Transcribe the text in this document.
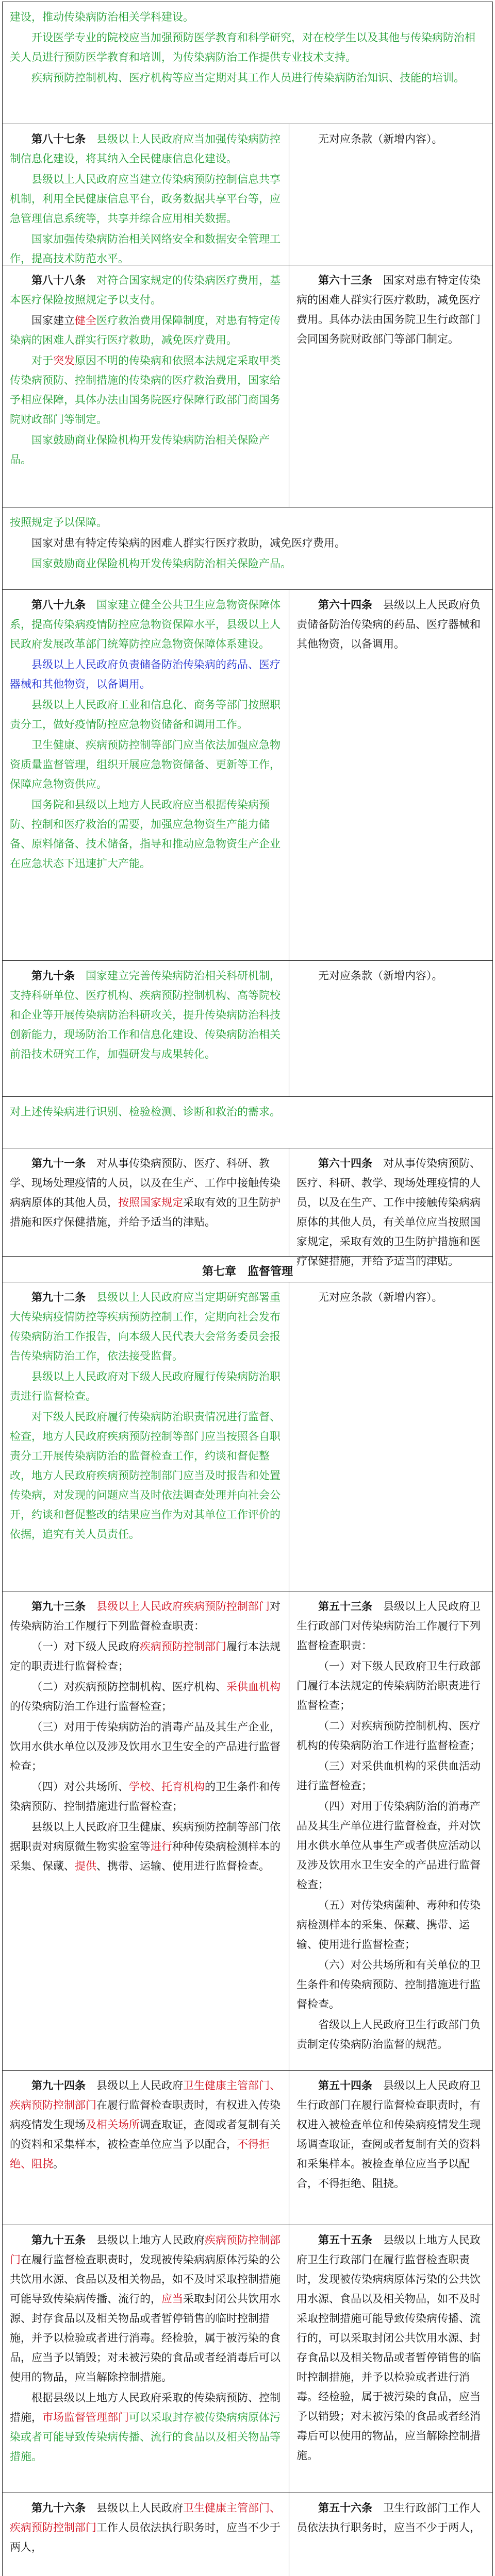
建设，推动传染病防治相关学科建设。

开设医学专业的院校应当加强预防医学教育和科学研究，对在校学生以及其他与传染病防治相关人员进行预防医学教育和培训，为传染病防治工作提供专业技术支持。

疾病预防控制机构、医疗机构等应当定期对其工作人员进行传染病防治知识、技能的培训。

第八十七条　县级以上人民政府应当加强传染病防控制信息化建设，将其纳入全民健康信息化建设。

县级以上人民政府应当建立传染病预防控制信息共享机制，利用全民健康信息平台，政务数据共享平台等，应急管理信息系统等，共享并综合应用相关数据。

国家加强传染病防治相关网络安全和数据安全管理工作，提高技术防范水平。

无对应条款（新增内容）。

第八十八条　 对符合国家规定的传染病医疗费用，基本医疗保险按照规定予以支付。

国家建立健全医疗救治费用保障制度，对患有特定传染病的困难人群实行医疗救助，减免医疗费用。

对于突发原因不明的传染病和依照本法规定采取甲类传染病预防、控制措施的传染病的医疗救治费用，国家给予相应保障，具体办法由国务院医疗保障行政部门商国务院财政部门等制定。

国家鼓励商业保险机构开发传染病防治相关保险产品。

第六十三条　国家对患有特定传染病的困难人群实行医疗救助，减免医疗费用。具体办法由国务院卫生行政部门会同国务院财政部门等部门制定。

按照规定予以保障。

国家对患有特定传染病的困难人群实行医疗救助，减免医疗费用。

国家鼓励商业保险机构开发传染病防治相关保险产品。

第八十九条　国家建立健全公共卫生应急物资保障体系，提高传染病疫情防控应急物资保障水平，县级以上人民政府发展改革部门统筹防控应急物资保障体系建设。

县级以上人民政府负责储备防治传染病的药品、医疗器械和其他物资，以备调用。

县级以上人民政府工业和信息化、商务等部门按照职责分工，做好疫情防控应急物资储备和调用工作。

卫生健康、疾病预防控制等部门应当依法加强应急物资质量监督管理，组织开展应急物资储备、更新等工作，保障应急物资供应。

国务院和县级以上地方人民政府应当根据传染病预防、控制和医疗救治的需要，加强应急物资生产能力储备、原料储备、技术储备，指导和推动应急物资生产企业在应急状态下迅速扩大产能。

第六十四条　县级以上人民政府负责储备防治传染病的药品、医疗器械和其他物资，以备调用。

第九十条　国家建立完善传染病防治相关科研机制，支持科研单位、医疗机构、疾病预防控制机构、高等院校和企业等开展传染病防治科研攻关，提升传染病防治科技创新能力，现场防治工作和信息化建设、传染病防治相关前沿技术研究工作，加强研发与成果转化。

无对应条款（新增内容）。

对上述传染病进行识别、检验检测、诊断和救治的需求。

第九十一条　对从事传染病预防、医疗、科研、教学、现场处理疫情的人员，以及在生产、工作中接触传染病病原体的其他人员，按照国家规定采取有效的卫生防护措施和医疗保健措施，并给予适当的津贴。

第六十四条　对从事传染病预防、医疗、科研、教学、现场处理疫情的人员，以及在生产、工作中接触传染病病原体的其他人员，有关单位应当按照国家规定，采取有效的卫生防护措施和医疗保健措施，并给予适当的津贴。

第七章　监督管理

第九十二条　县级以上人民政府应当定期研究部署重大传染病疫情防控等疾病预防控制工作，定期向社会发布传染病防治工作报告，向本级人民代表大会常务委员会报告传染病防治工作，依法接受监督。

县级以上人民政府对下级人民政府履行传染病防治职责进行监督检查。

对下级人民政府履行传染病防治职责情况进行监督、检查，地方人民政府疾病预防控制等部门应当按照各自职责分工开展传染病防治的监督检查工作，约谈和督促整改，地方人民政府疾病预防控制部门应当及时报告和处置传染病，对发现的问题应当及时依法调查处理并向社会公开，约谈和督促整改的结果应当作为对其单位工作评价的依据，追究有关人员责任。

无对应条款（新增内容）。

第九十三条　 县级以上人民政府疾病预防控制部门对传染病防治工作履行下列监督检查职责：

（一）对下级人民政府疾病预防控制部门履行本法规定的职责进行监督检查；

（二）对疾病预防控制机构、医疗机构、采供血机构的传染病防治工作进行监督检查；

（三）对用于传染病防治的消毒产品及其生产企业，饮用水供水单位以及涉及饮用水卫生安全的产品进行监督检查；

（四）对公共场所、学校、托育机构的卫生条件和传染病预防、控制措施进行监督检查；

县级以上人民政府卫生健康、疾病预防控制等部门依据职责对病原微生物实验室等进行种种传染病检测样本的采集、保藏、提供、携带、运输、使用进行监督检查。

第五十三条　县级以上人民政府卫生行政部门对传染病防治工作履行下列监督检查职责：

（一）对下级人民政府卫生行政部门履行本法规定的传染病防治职责进行监督检查；

（二）对疾病预防控制机构、医疗机构的传染病防治工作进行监督检查；

（三）对采供血机构的采供血活动进行监督检查；

（四）对用于传染病防治的消毒产品及其生产单位进行监督检查，并对饮用水供水单位从事生产或者供应活动以及涉及饮用水卫生安全的产品进行监督检查；

（五）对传染病菌种、毒种和传染病检测样本的采集、保藏、携带、运输、使用进行监督检查；

（六）对公共场所和有关单位的卫生条件和传染病预防、控制措施进行监督检查。

省级以上人民政府卫生行政部门负责制定传染病防治监督的规范。

第九十四条　县级以上人民政府卫生健康主管部门、疾病预防控制部门在履行监督检查职责时，有权进入传染病疫情发生现场及相关场所调查取证，查阅或者复制有关的资料和采集样本，被检查单位应当予以配合，不得拒绝、阻挠。

第五十四条　县级以上人民政府卫生行政部门在履行监督检查职责时，有权进入被检查单位和传染病疫情发生现场调查取证，查阅或者复制有关的资料和采集样本。被检查单位应当予以配合，不得拒绝、阻挠。

第九十五条　县级以上地方人民政府疾病预防控制部门在履行监督检查职责时，发现被传染病病原体污染的公共饮用水源、食品以及相关物品，如不及时采取控制措施可能导致传染病传播、流行的，应当采取封闭公共饮用水源、封存食品以及相关物品或者暂停销售的临时控制措施，并予以检验或者进行消毒。经检验，属于被污染的食品，应当予以销毁；对未被污染的食品或者经消毒后可以使用的物品，应当解除控制措施。

根据县级以上地方人民政府采取的传染病预防、控制措施，市场监督管理部门可以采取封存被传染病病原体污染或者可能导致传染病传播、流行的食品以及相关物品等措施。

第五十五条　县级以上地方人民政府卫生行政部门在履行监督检查职责时，发现被传染病病原体污染的公共饮用水源、食品以及相关物品，如不及时采取控制措施可能导致传染病传播、流行的，可以采取封闭公共饮用水源、封存食品以及相关物品或者暂停销售的临时控制措施，并予以检验或者进行消毒。经检验，属于被污染的食品，应当予以销毁；对未被污染的食品或者经消毒后可以使用的物品，应当解除控制措施。

第九十六条　县级以上人民政府卫生健康主管部门、疾病预防控制部门工作人员依法执行职务时，应当不少于两人，

第五十六条　卫生行政部门工作人员依法执行职务时，应当不少于两人，
